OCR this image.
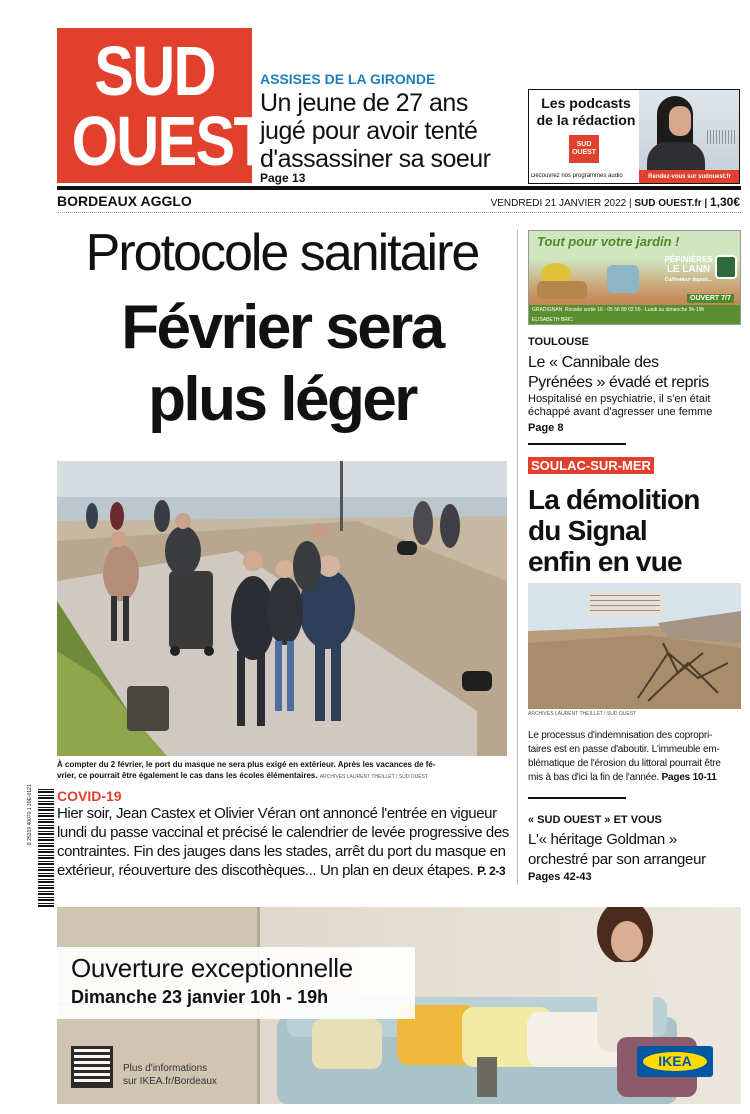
SUD
OUEST
ASSISES DE LA GIRONDE
Un jeune de 27 ans
jugé pour avoir tenté
d'assassiner sa soeur
Page 13
Les podcasts
de la rédaction
SUD
OUEST
Découvrez nos programmes audio	Rendez-vous sur sudouest.fr
BORDEAUX AGGLO	VENDREDI 21 JANVIER 2022 | SUD OUEST.fr | 1,30€
Protocole sanitaire
Février sera
plus léger
À compter du 2 février, le port du masque ne sera plus exigé en extérieur. Après les vacances de fé-
vrier, ce pourrait être également le cas dans les écoles élémentaires. ARCHIVES LAURENT THEILLET / SUD OUEST
8 25319 40070 1 30E-0121 COVID-19
Hier soir, Jean Castex et Olivier Véran ont annoncé l'entrée en vigueur
lundi du passe vaccinal et précisé le calendrier de levée progressive des
contraintes. Fin des jauges dans les stades, arrêt du port du masque en
extérieur, réouverture des discothèques... Un plan en deux étapes. P. 2-3
Tout pour votre jardin !
PÉPINIÈRES
LE LANN
Cultivateur depuis...
OUVERT 7/7
GRADIGNAN Rocade sortie 16 - 05 56 89 02 56 - Lundi au dimanche 9h-19h
ELISABETH BRIC
TOULOUSE
Le « Cannibale des
Pyrénées » évadé et repris
Hospitalisé en psychiatrie, il s'en était
échappé avant d'agresser une femme
Page 8
SOULAC-SUR-MER
La démolition
du Signal
enfin en vue
ARCHIVES LAURENT THEILLET / SUD OUEST
Le processus d'indemnisation des copropri-
taires est en passe d'aboutir. L'immeuble em-
blématique de l'érosion du littoral pourrait être
mis à bas d'ici la fin de l'année. Pages 10-11
« SUD OUEST » ET VOUS
L'« héritage Goldman »
orchestré par son arrangeur
Pages 42-43
Ouverture exceptionnelle
Dimanche 23 janvier 10h - 19h
Plus d'informations
sur IKEA.fr/Bordeaux
IKEA
